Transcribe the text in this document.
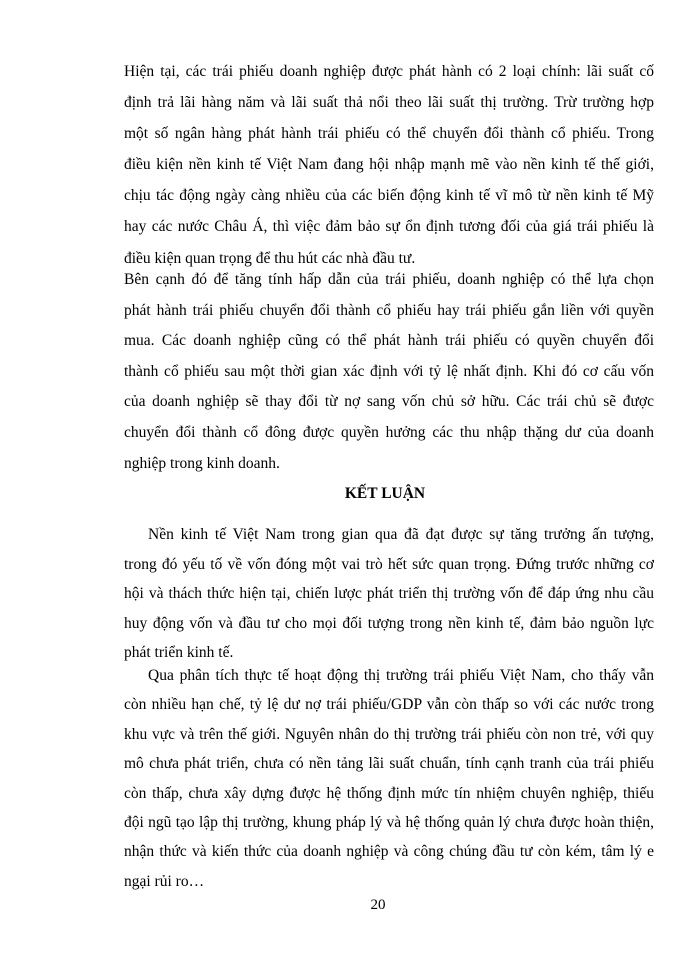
Hiện tại, các trái phiếu doanh nghiệp được phát hành có 2 loại chính: lãi suất cố
định trả lãi hàng năm và lãi suất thả nổi theo lãi suất thị trường. Trừ trường hợp
một số ngân hàng phát hành trái phiếu có thể chuyển đổi thành cổ phiếu. Trong
điều kiện nền kinh tế Việt Nam đang hội nhập mạnh mẽ vào nền kinh tế thế giới,
chịu tác động ngày càng nhiều của các biến động kinh tế vĩ mô từ nền kinh tế Mỹ
hay các nước Châu Á, thì việc đảm bảo sự ổn định tương đối của giá trái phiếu là
điều kiện quan trọng để thu hút các nhà đầu tư.
Bên cạnh đó để tăng tính hấp dẫn của trái phiếu, doanh nghiệp có thể lựa chọn
phát hành trái phiếu chuyển đổi thành cổ phiếu hay trái phiếu gắn liền với quyền
mua. Các doanh nghiệp cũng có thể phát hành trái phiếu có quyền chuyển đổi
thành cổ phiếu sau một thời gian xác định với tỷ lệ nhất định. Khi đó cơ cấu vốn
của doanh nghiệp sẽ thay đổi từ nợ sang vốn chủ sở hữu. Các trái chủ sẽ được
chuyển đổi thành cổ đông được quyền hưởng các thu nhập thặng dư của doanh
nghiệp trong kinh doanh.
KẾT LUẬN
Nền kinh tế Việt Nam trong gian qua đã đạt được sự tăng trưởng ấn tượng,
trong đó yếu tố về vốn đóng một vai trò hết sức quan trọng. Đứng trước những cơ
hội và thách thức hiện tại, chiến lược phát triển thị trường vốn để đáp ứng nhu cầu
huy động vốn và đầu tư cho mọi đối tượng trong nền kinh tế, đảm bảo nguồn lực
phát triển kinh tế.
Qua phân tích thực tế hoạt động thị trường trái phiếu Việt Nam, cho thấy vẫn
còn nhiều hạn chế, tỷ lệ dư nợ trái phiếu/GDP vẫn còn thấp so với các nước trong
khu vực và trên thế giới. Nguyên nhân do thị trường trái phiếu còn non trẻ, với quy
mô chưa phát triển, chưa có nền tảng lãi suất chuẩn, tính cạnh tranh của trái phiếu
còn thấp, chưa xây dựng được hệ thống định mức tín nhiệm chuyên nghiệp, thiếu
đội ngũ tạo lập thị trường, khung pháp lý và hệ thống quản lý chưa được hoàn thiện,
nhận thức và kiến thức của doanh nghiệp và công chúng đầu tư còn kém, tâm lý e
ngại rủi ro…
20
